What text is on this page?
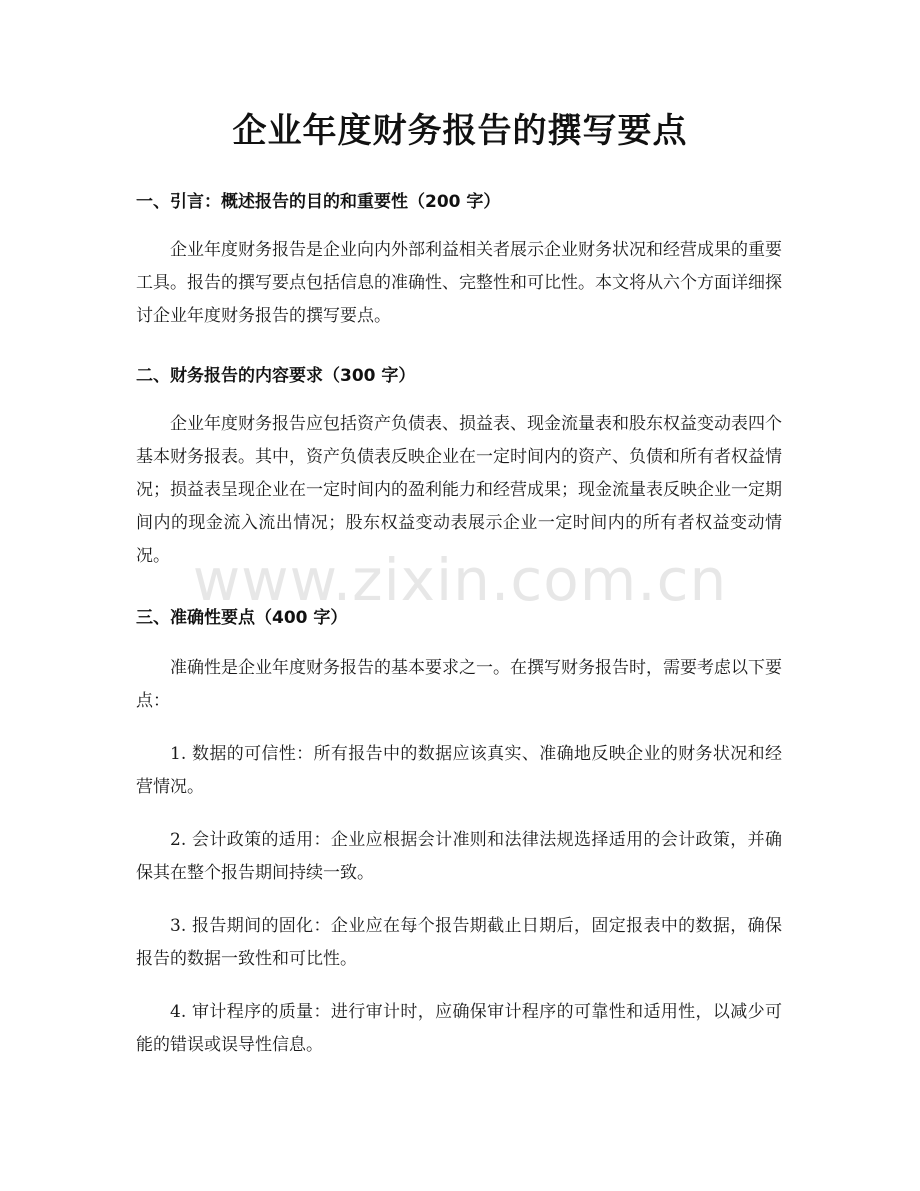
企业年度财务报告的撰写要点
一、引言：概述报告的目的和重要性（200 字）
企业年度财务报告是企业向内外部利益相关者展示企业财务状况和经营成果的重要工具。报告的撰写要点包括信息的准确性、完整性和可比性。本文将从六个方面详细探讨企业年度财务报告的撰写要点。
二、财务报告的内容要求（300 字）
企业年度财务报告应包括资产负债表、损益表、现金流量表和股东权益变动表四个基本财务报表。其中，资产负债表反映企业在一定时间内的资产、负债和所有者权益情况；损益表呈现企业在一定时间内的盈利能力和经营成果；现金流量表反映企业一定期间内的现金流入流出情况；股东权益变动表展示企业一定时间内的所有者权益变动情况。
三、准确性要点（400 字）
准确性是企业年度财务报告的基本要求之一。在撰写财务报告时，需要考虑以下要点：
1. 数据的可信性：所有报告中的数据应该真实、准确地反映企业的财务状况和经营情况。
2. 会计政策的适用：企业应根据会计准则和法律法规选择适用的会计政策，并确保其在整个报告期间持续一致。
3. 报告期间的固化：企业应在每个报告期截止日期后，固定报表中的数据，确保报告的数据一致性和可比性。
4. 审计程序的质量：进行审计时，应确保审计程序的可靠性和适用性，以减少可能的错误或误导性信息。
www.zixin.com.cn
